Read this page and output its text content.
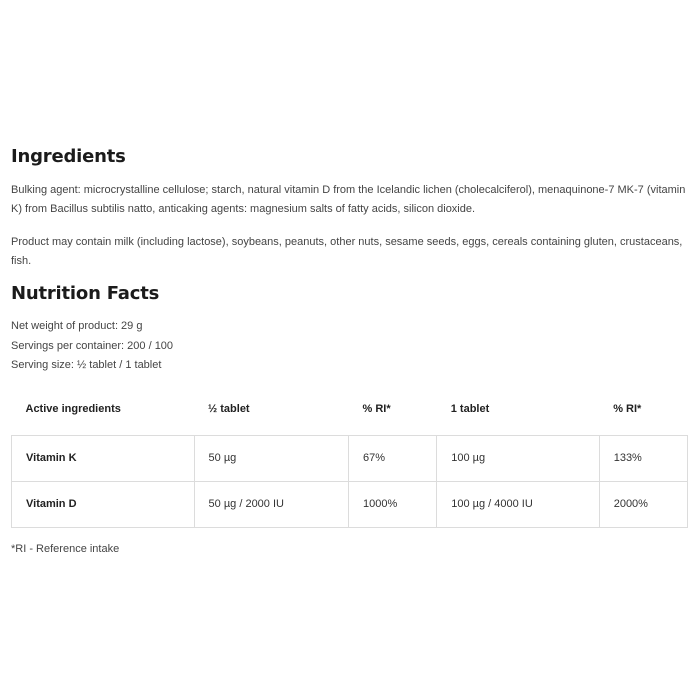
Ingredients

Bulking agent: microcrystalline cellulose; starch, natural vitamin D from the Icelandic lichen (cholecalciferol), menaquinone-7 MK-7 (vitamin K) from Bacillus subtilis natto, anticaking agents: magnesium salts of fatty acids, silicon dioxide.

Product may contain milk (including lactose), soybeans, peanuts, other nuts, sesame seeds, eggs, cereals containing gluten, crustaceans, fish.

Nutrition Facts

Net weight of product: 29 g

Servings per container: 200 / 100

Serving size: ½ tablet / 1 tablet

Active ingredients	½ tablet	% RI*	1 tablet	% RI*
Vitamin K	50 µg	67%	100 µg	133%
Vitamin D	50 µg / 2000 IU	1000%	100 µg / 4000 IU	2000%

*RI - Reference intake
